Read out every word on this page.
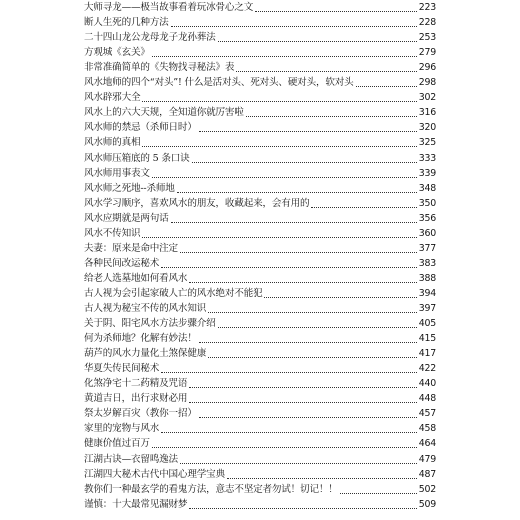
大师寻龙——极当故事看着玩冰骨心之文	223
断人生死的几种方法	228
二十四山龙公龙母龙子龙孙葬法	253
方观城《玄关》	279
非常准确简单的《失物找寻秘法》表	296
风水地师的四个“对头”! 什么是活对头、死对头、硬对头，软对头	298
风水辟邪大全	302
风水上的六大天规，全知道你就厉害啦	316
风水师的禁忌（杀师日时）	320
风水师的真相	325
风水师压箱底的 5 条口诀	333
风水师用事表文	339
风水师之死地--杀师地	348
风水学习顺序，喜欢风水的朋友，收藏起来，会有用的	350
风水应期就是两句话	356
风水不传知识	360
夫妻：原来是命中注定	377
各种民间改运秘术	383
给老人选墓地如何看风水	388
古人视为会引起家破人亡的风水绝对不能犯	394
古人视为秘宝不传的风水知识	397
关于阴、阳宅风水方法步骤介绍	405
何为杀师地？化解有妙法！	415
葫芦的风水力量化土煞保健康	417
华夏失传民间秘术	422
化煞净宅十二药精及咒语	440
黄道吉日，出行求财必用	448
祭太岁解百灾（教你一招）	457
家里的宠物与风水	458
健康价值过百万	464
江湖古诀—衣留鸣逸法	479
江湖四大秘术古代中国心理学宝典	487
教你们一种最玄学的看鬼方法，意志不坚定者勿试！切记！！	502
谨慎：十大最常见漏财梦	509
